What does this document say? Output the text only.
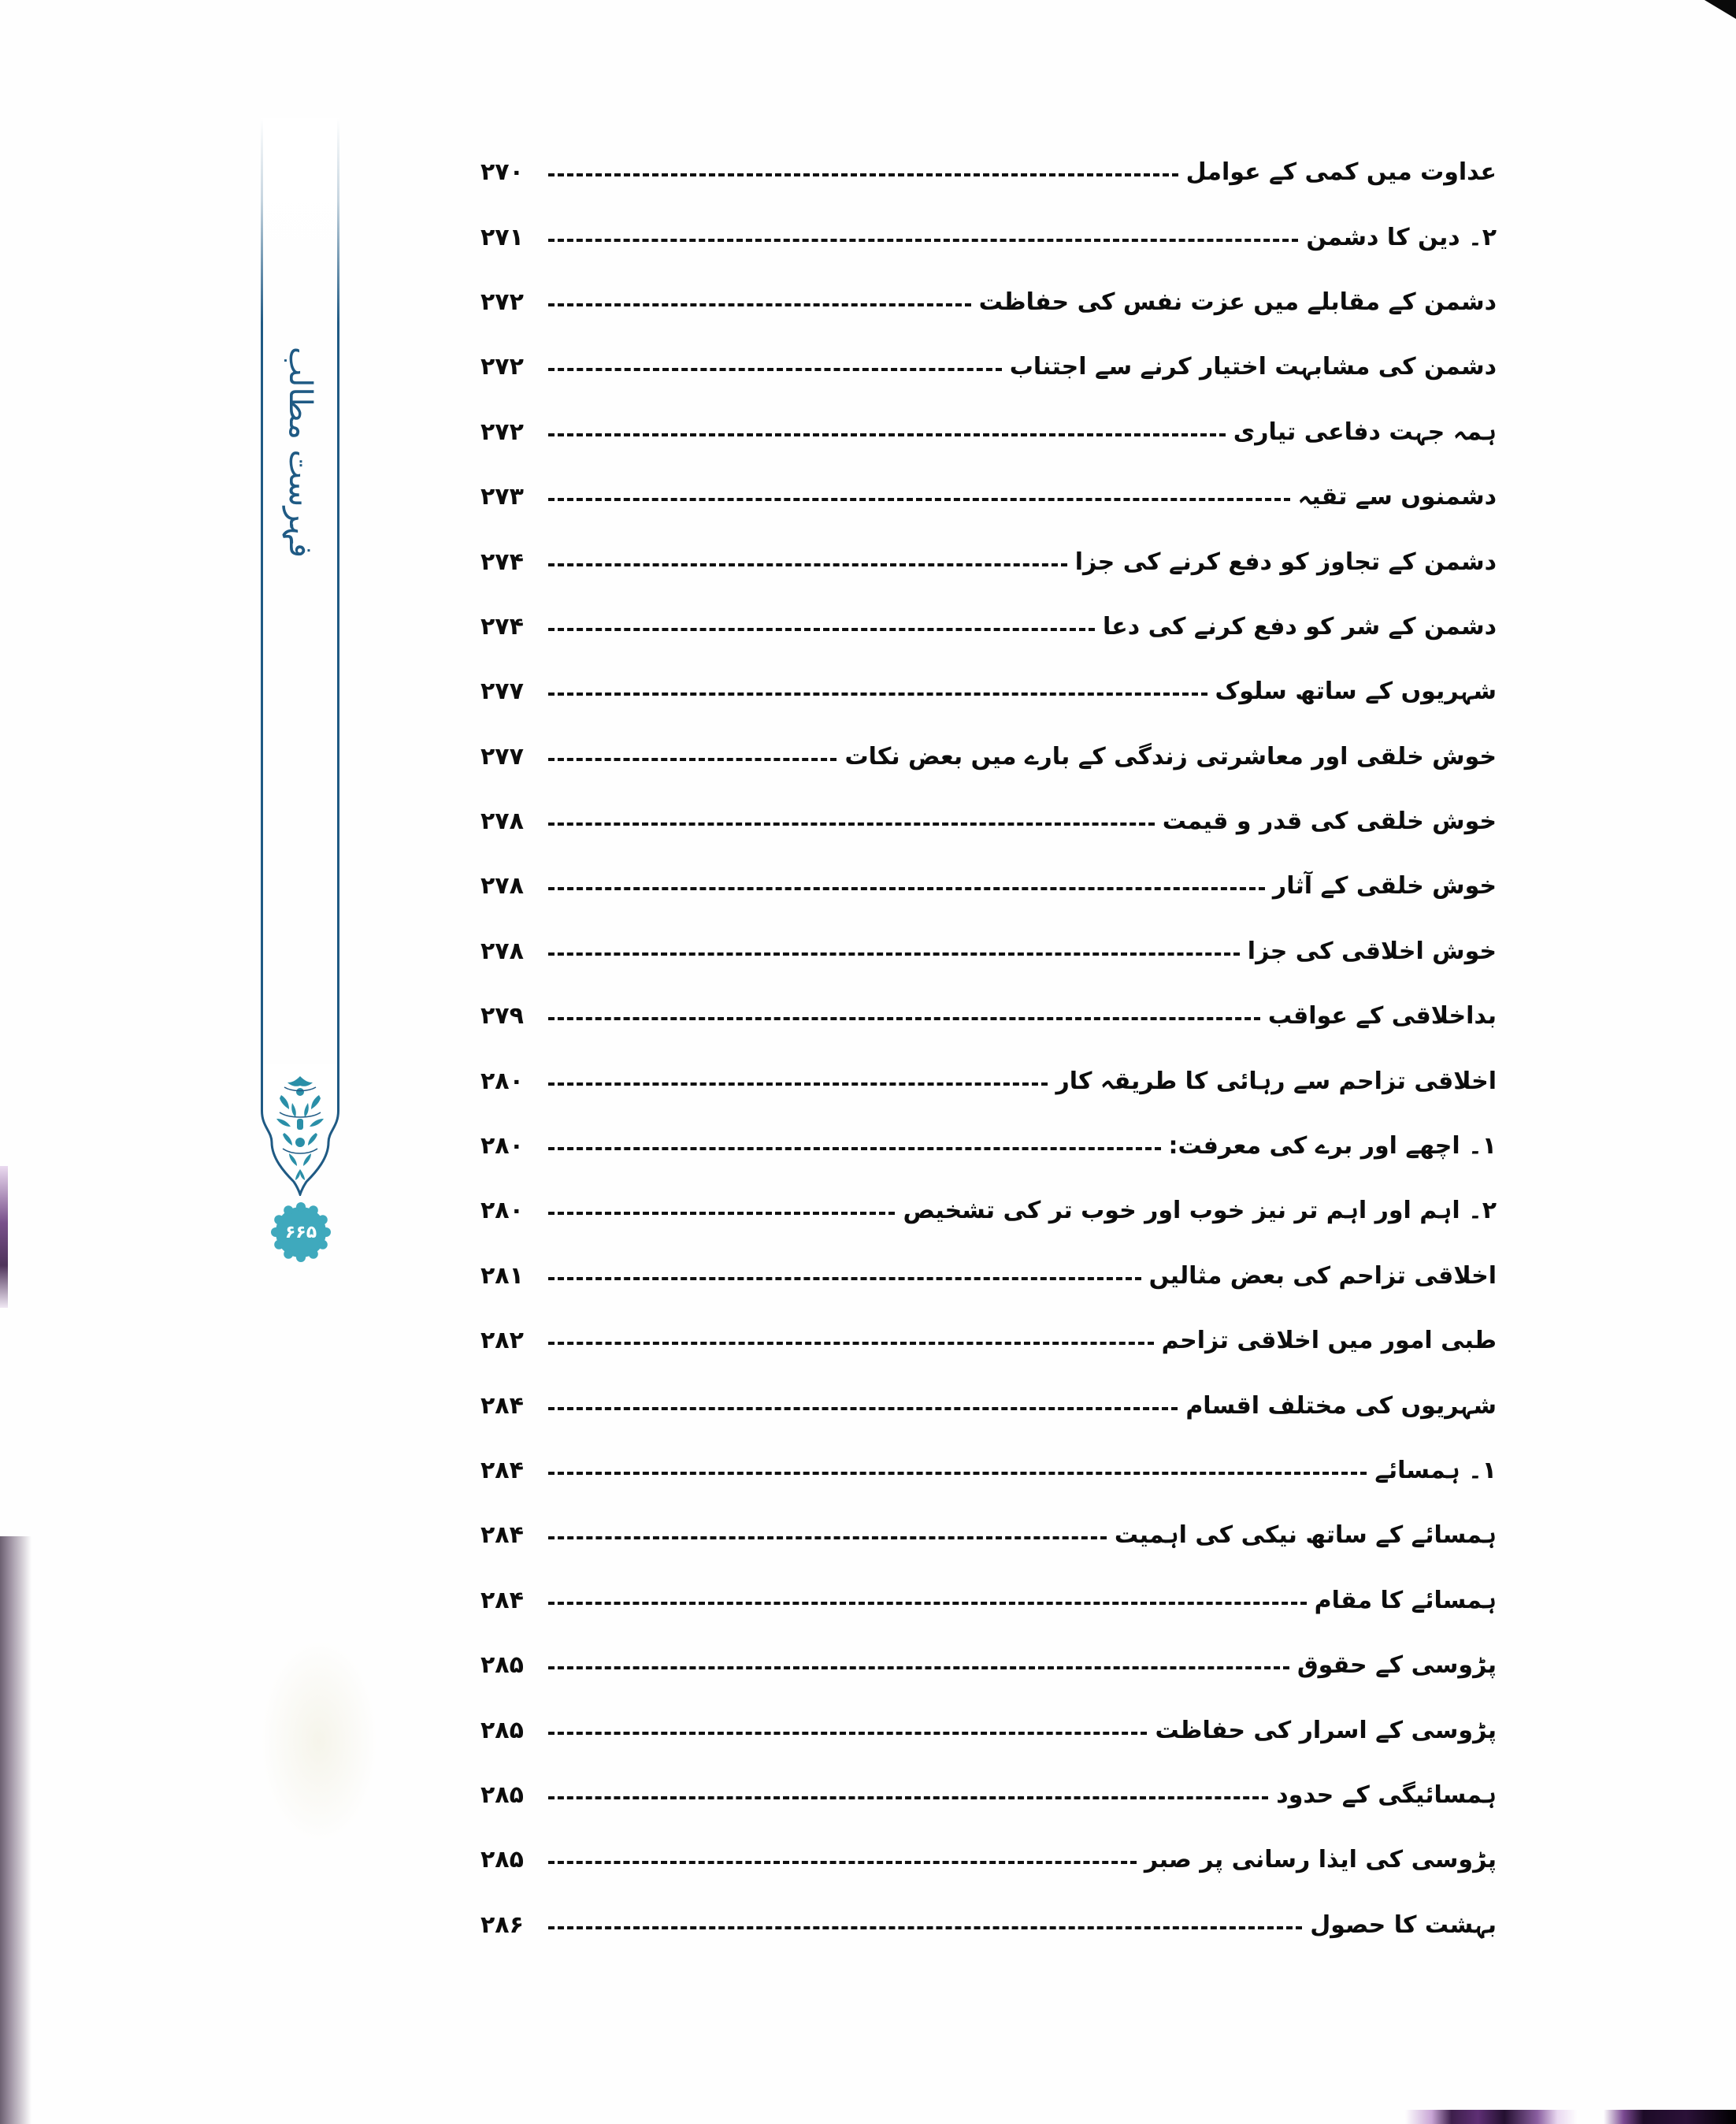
فہرست مطالب
۶۶۵
عداوت میں کمی کے عوامل
۲۷۰
۲۔ دین کا دشمن
۲۷۱
دشمن کے مقابلے میں عزت نفس کی حفاظت
۲۷۲
دشمن کی مشابہت اختیار کرنے سے اجتناب
۲۷۲
ہمہ جہت دفاعی تیاری
۲۷۲
دشمنوں سے تقیہ
۲۷۳
دشمن کے تجاوز کو دفع کرنے کی جزا
۲۷۴
دشمن کے شر کو دفع کرنے کی دعا
۲۷۴
شہریوں کے ساتھ سلوک
۲۷۷
خوش خلقی اور معاشرتی زندگی کے بارے میں بعض نکات
۲۷۷
خوش خلقی کی قدر و قیمت
۲۷۸
خوش خلقی کے آثار
۲۷۸
خوش اخلاقی کی جزا
۲۷۸
بداخلاقی کے عواقب
۲۷۹
اخلاقی تزاحم سے رہائی کا طریقہ کار
۲۸۰
۱۔ اچھے اور برے کی معرفت:
۲۸۰
۲۔ اہم اور اہم تر نیز خوب اور خوب تر کی تشخیص
۲۸۰
اخلاقی تزاحم کی بعض مثالیں
۲۸۱
طبی امور میں اخلاقی تزاحم
۲۸۲
شہریوں کی مختلف اقسام
۲۸۴
۱۔ ہمسائے
۲۸۴
ہمسائے کے ساتھ نیکی کی اہمیت
۲۸۴
ہمسائے کا مقام
۲۸۴
پڑوسی کے حقوق
۲۸۵
پڑوسی کے اسرار کی حفاظت
۲۸۵
ہمسائیگی کے حدود
۲۸۵
پڑوسی کی ایذا رسانی پر صبر
۲۸۵
بہشت کا حصول
۲۸۶
